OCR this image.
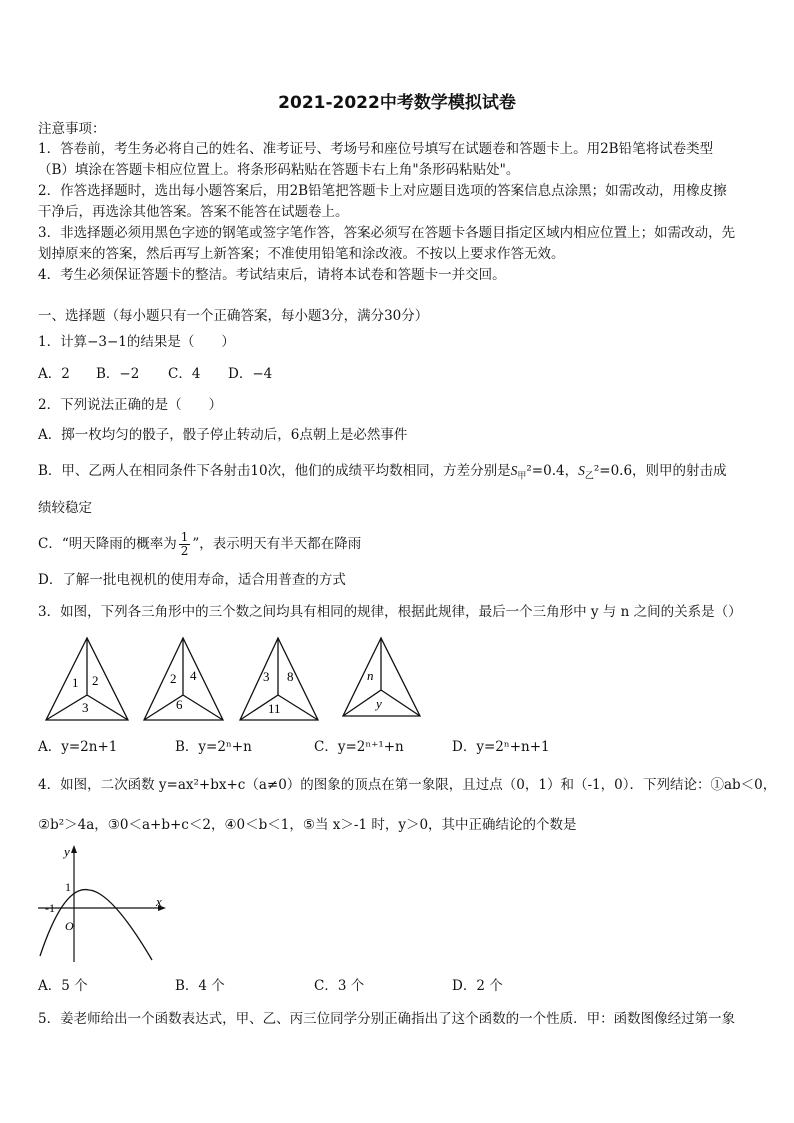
2021-2022中考数学模拟试卷
注意事项：
1．答卷前，考生务必将自己的姓名、准考证号、考场号和座位号填写在试题卷和答题卡上。用2B铅笔将试卷类型
（B）填涂在答题卡相应位置上。将条形码粘贴在答题卡右上角"条形码粘贴处"。
2．作答选择题时，选出每小题答案后，用2B铅笔把答题卡上对应题目选项的答案信息点涂黑；如需改动，用橡皮擦
干净后，再选涂其他答案。答案不能答在试题卷上。
3．非选择题必须用黑色字迹的钢笔或签字笔作答，答案必须写在答题卡各题目指定区域内相应位置上；如需改动，先
划掉原来的答案，然后再写上新答案；不准使用铅笔和涂改液。不按以上要求作答无效。
4．考生必须保证答题卡的整洁。考试结束后，请将本试卷和答题卡一并交回。
一、选择题（每小题只有一个正确答案，每小题3分，满分30分）
1．计算−3−1的结果是（　　）
A．2 B．−2 C．4 D．−4
2．下列说法正确的是（　　）
A．掷一枚均匀的骰子，骰子停止转动后，6点朝上是必然事件
B．甲、乙两人在相同条件下各射击10次，他们的成绩平均数相同，方差分别是$S_甲^2=0.4$，$S_乙^2=0.6$，则甲的射击成
绩较稳定
C．“明天降雨的概率为 $\frac{1}{2}$ ”，表示明天有半天都在降雨
D．了解一批电视机的使用寿命，适合用普查的方式
3．如图，下列各三角形中的三个数之间均具有相同的规律，根据此规律，最后一个三角形中 y 与 n 之间的关系是（）
1 2
3
2 4
6
3 8
11
n
y
A．y=2n+1	B．y=2ⁿ+n	C．y=2ⁿ⁺¹+n	D．y=2ⁿ+n+1
4．如图，二次函数 y=ax²+bx+c（a≠0）的图象的顶点在第一象限，且过点（0，1）和（-1，0）．下列结论：①ab＜0，
②b²＞4a，③0＜a+b+c＜2，④0＜b＜1，⑤当 x＞-1 时，y＞0，其中正确结论的个数是
y
x
1
-1
O
A．5 个	B．4 个	C．3 个	D．2 个
5．姜老师给出一个函数表达式，甲、乙、丙三位同学分别正确指出了这个函数的一个性质．甲：函数图像经过第一象
